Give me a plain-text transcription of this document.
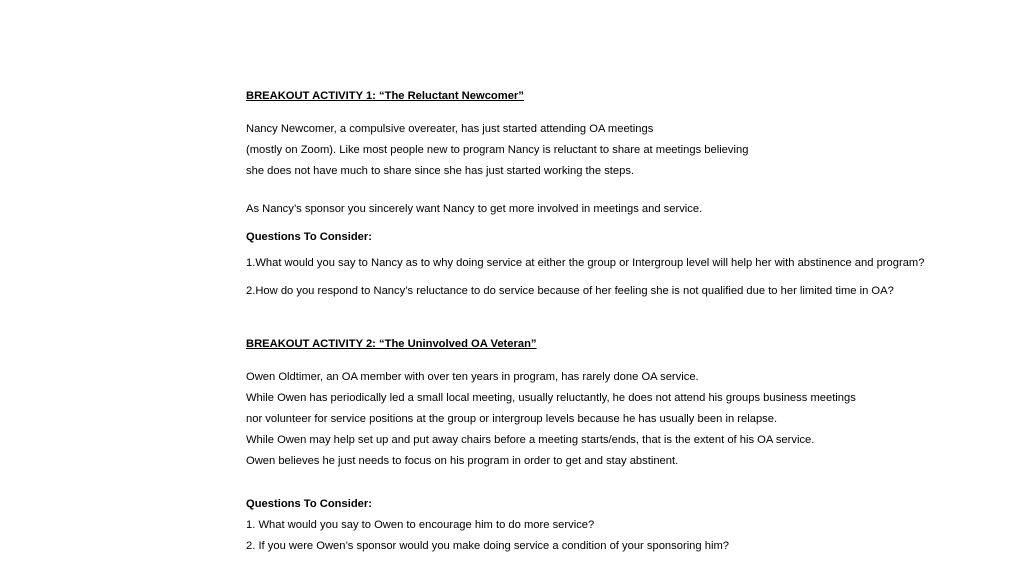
BREAKOUT ACTIVITY 1: “The Reluctant Newcomer”
Nancy Newcomer, a compulsive overeater, has just started attending OA meetings
(mostly on Zoom). Like most people new to program Nancy is reluctant to share at meetings believing
she does not have much to share since she has just started working the steps.
As Nancy’s sponsor you sincerely want Nancy to get more involved in meetings and service.
Questions To Consider:
1.What would you say to Nancy as to why doing service at either the group or Intergroup level will help her with abstinence and program?
2.How do you respond to Nancy’s reluctance to do service because of her feeling she is not qualified due to her limited time in OA?
BREAKOUT ACTIVITY 2: “The Uninvolved OA Veteran”
Owen Oldtimer, an OA member with over ten years in program, has rarely done OA service.
While Owen has periodically led a small local meeting, usually reluctantly, he does not attend his groups business meetings
nor volunteer for service positions at the group or intergroup levels because he has usually been in relapse.
While Owen may help set up and put away chairs before a meeting starts/ends, that is the extent of his OA service.
Owen believes he just needs to focus on his program in order to get and stay abstinent.
Questions To Consider:
1. What would you say to Owen to encourage him to do more service?
2. If you were Owen’s sponsor would you make doing service a condition of your sponsoring him?
